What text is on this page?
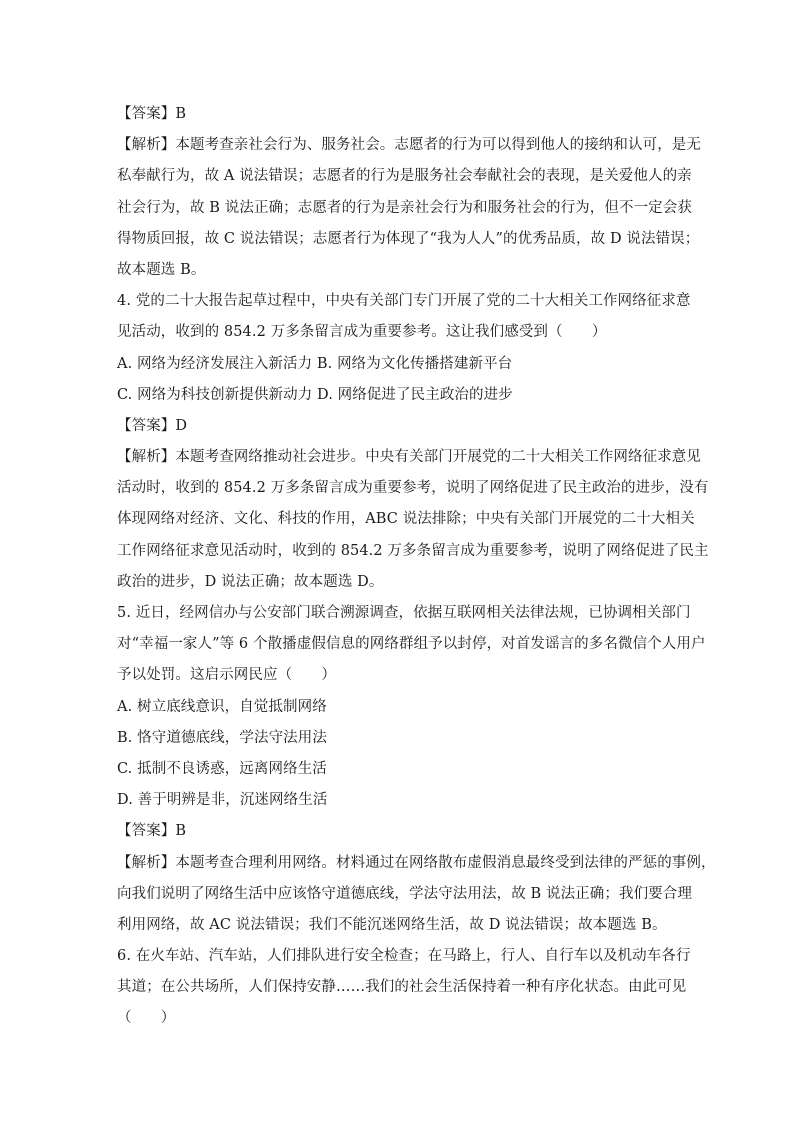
【答案】B
【解析】本题考查亲社会行为、服务社会。志愿者的行为可以得到他人的接纳和认可，是无
私奉献行为，故 A 说法错误；志愿者的行为是服务社会奉献社会的表现，是关爱他人的亲
社会行为，故 B 说法正确；志愿者的行为是亲社会行为和服务社会的行为，但不一定会获
得物质回报，故 C 说法错误；志愿者行为体现了“我为人人”的优秀品质，故 D 说法错误；
故本题选 B。
4. 党的二十大报告起草过程中，中央有关部门专门开展了党的二十大相关工作网络征求意
见活动，收到的 854.2 万多条留言成为重要参考。这让我们感受到（　　）
A. 网络为经济发展注入新活力 B. 网络为文化传播搭建新平台
C. 网络为科技创新提供新动力 D. 网络促进了民主政治的进步
【答案】D
【解析】本题考查网络推动社会进步。中央有关部门开展党的二十大相关工作网络征求意见
活动时，收到的 854.2 万多条留言成为重要参考，说明了网络促进了民主政治的进步，没有
体现网络对经济、文化、科技的作用，ABC 说法排除；中央有关部门开展党的二十大相关
工作网络征求意见活动时，收到的 854.2 万多条留言成为重要参考，说明了网络促进了民主
政治的进步，D 说法正确；故本题选 D。
5. 近日，经网信办与公安部门联合溯源调查，依据互联网相关法律法规，已协调相关部门
对“幸福一家人”等 6 个散播虚假信息的网络群组予以封停，对首发谣言的多名微信个人用户
予以处罚。这启示网民应（　　）
A. 树立底线意识，自觉抵制网络
B. 恪守道德底线，学法守法用法
C. 抵制不良诱惑，远离网络生活
D. 善于明辨是非，沉迷网络生活
【答案】B
【解析】本题考查合理利用网络。材料通过在网络散布虚假消息最终受到法律的严惩的事例，
向我们说明了网络生活中应该恪守道德底线，学法守法用法，故 B 说法正确；我们要合理
利用网络，故 AC 说法错误；我们不能沉迷网络生活，故 D 说法错误；故本题选 B。
6. 在火车站、汽车站，人们排队进行安全检查；在马路上，行人、自行车以及机动车各行
其道；在公共场所，人们保持安静……我们的社会生活保持着一种有序化状态。由此可见
（　　）
